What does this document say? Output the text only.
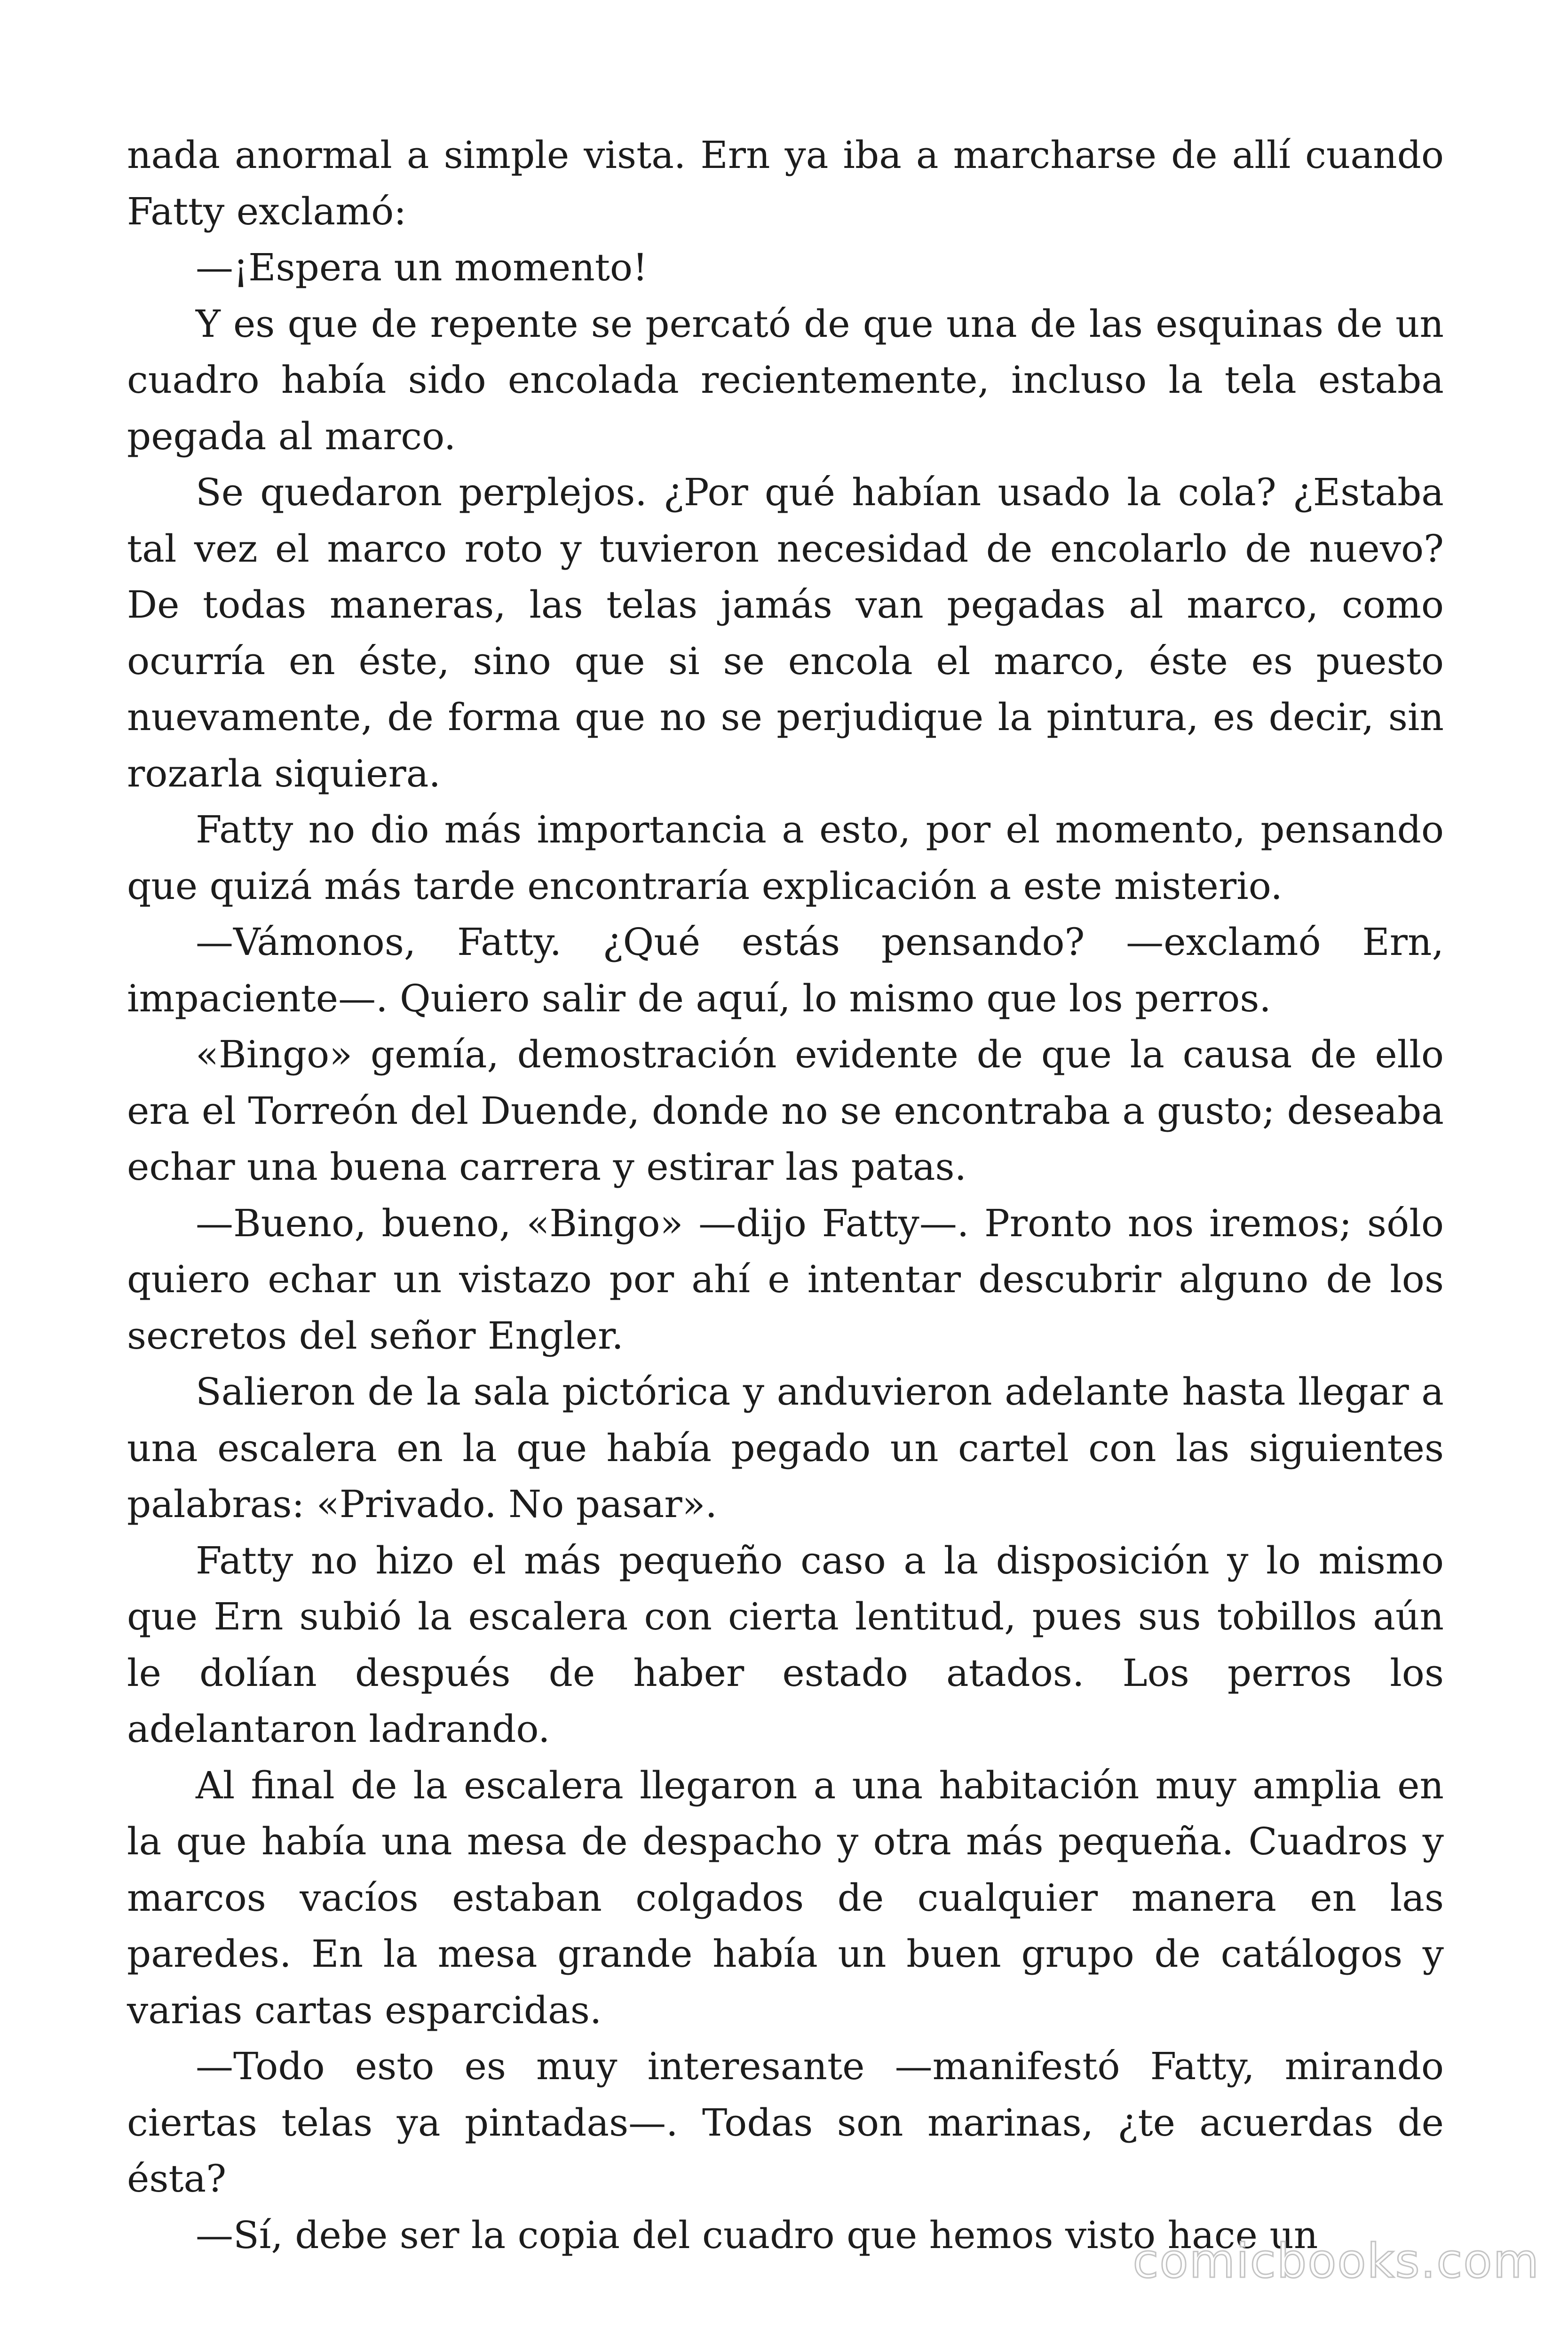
nada anormal a simple vista. Ern ya iba a marcharse de allí cuando Fatty exclamó:

—¡Espera un momento!

Y es que de repente se percató de que una de las esquinas de un cuadro había sido encolada recientemente, incluso la tela estaba pegada al marco.

Se quedaron perplejos. ¿Por qué habían usado la cola? ¿Estaba tal vez el marco roto y tuvieron necesidad de encolarlo de nuevo? De todas maneras, las telas jamás van pegadas al marco, como ocurría en éste, sino que si se encola el marco, éste es puesto nuevamente, de forma que no se perjudique la pintura, es decir, sin rozarla siquiera.

Fatty no dio más importancia a esto, por el momento, pensando que quizá más tarde encontraría explicación a este misterio.

—Vámonos, Fatty. ¿Qué estás pensando? —exclamó Ern, impaciente—. Quiero salir de aquí, lo mismo que los perros.

«Bingo» gemía, demostración evidente de que la causa de ello era el Torreón del Duende, donde no se encontraba a gusto; deseaba echar una buena carrera y estirar las patas.

—Bueno, bueno, «Bingo» —dijo Fatty—. Pronto nos iremos; sólo quiero echar un vistazo por ahí e intentar descubrir alguno de los secretos del señor Engler.

Salieron de la sala pictórica y anduvieron adelante hasta llegar a una escalera en la que había pegado un cartel con las siguientes palabras: «Privado. No pasar».

Fatty no hizo el más pequeño caso a la disposición y lo mismo que Ern subió la escalera con cierta lentitud, pues sus tobillos aún le dolían después de haber estado atados. Los perros los adelantaron ladrando.

Al final de la escalera llegaron a una habitación muy amplia en la que había una mesa de despacho y otra más pequeña. Cuadros y marcos vacíos estaban colgados de cualquier manera en las paredes. En la mesa grande había un buen grupo de catálogos y varias cartas esparcidas.

—Todo esto es muy interesante —manifestó Fatty, mirando ciertas telas ya pintadas—. Todas son marinas, ¿te acuerdas de ésta?

—Sí, debe ser la copia del cuadro que hemos visto hace un

comicbooks.com
